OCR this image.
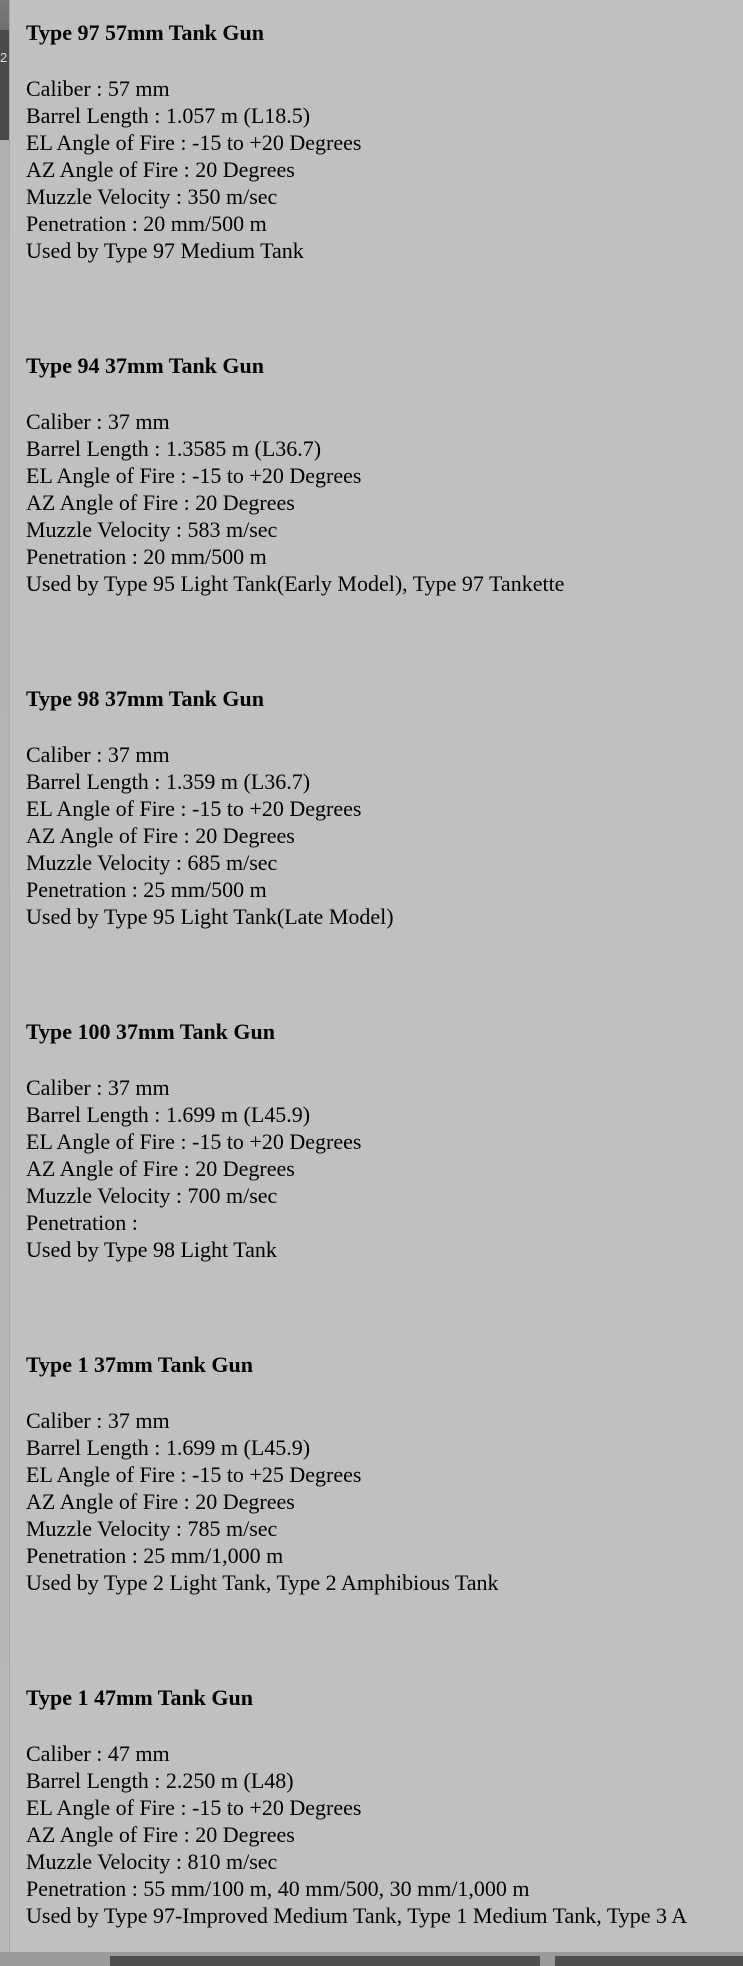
2
Type 97 57mm Tank Gun
Caliber : 57 mm
Barrel Length : 1.057 m (L18.5)
EL Angle of Fire : -15 to +20 Degrees
AZ Angle of Fire : 20 Degrees
Muzzle Velocity : 350 m/sec
Penetration : 20 mm/500 m
Used by Type 97 Medium Tank
Type 94 37mm Tank Gun
Caliber : 37 mm
Barrel Length : 1.3585 m (L36.7)
EL Angle of Fire : -15 to +20 Degrees
AZ Angle of Fire : 20 Degrees
Muzzle Velocity : 583 m/sec
Penetration : 20 mm/500 m
Used by Type 95 Light Tank(Early Model), Type 97 Tankette
Type 98 37mm Tank Gun
Caliber : 37 mm
Barrel Length : 1.359 m (L36.7)
EL Angle of Fire : -15 to +20 Degrees
AZ Angle of Fire : 20 Degrees
Muzzle Velocity : 685 m/sec
Penetration : 25 mm/500 m
Used by Type 95 Light Tank(Late Model)
Type 100 37mm Tank Gun
Caliber : 37 mm
Barrel Length : 1.699 m (L45.9)
EL Angle of Fire : -15 to +20 Degrees
AZ Angle of Fire : 20 Degrees
Muzzle Velocity : 700 m/sec
Penetration :
Used by Type 98 Light Tank
Type 1 37mm Tank Gun
Caliber : 37 mm
Barrel Length : 1.699 m (L45.9)
EL Angle of Fire : -15 to +25 Degrees
AZ Angle of Fire : 20 Degrees
Muzzle Velocity : 785 m/sec
Penetration : 25 mm/1,000 m
Used by Type 2 Light Tank, Type 2 Amphibious Tank
Type 1 47mm Tank Gun
Caliber : 47 mm
Barrel Length : 2.250 m (L48)
EL Angle of Fire : -15 to +20 Degrees
AZ Angle of Fire : 20 Degrees
Muzzle Velocity : 810 m/sec
Penetration : 55 mm/100 m, 40 mm/500, 30 mm/1,000 m
Used by Type 97-Improved Medium Tank, Type 1 Medium Tank, Type 3 A
